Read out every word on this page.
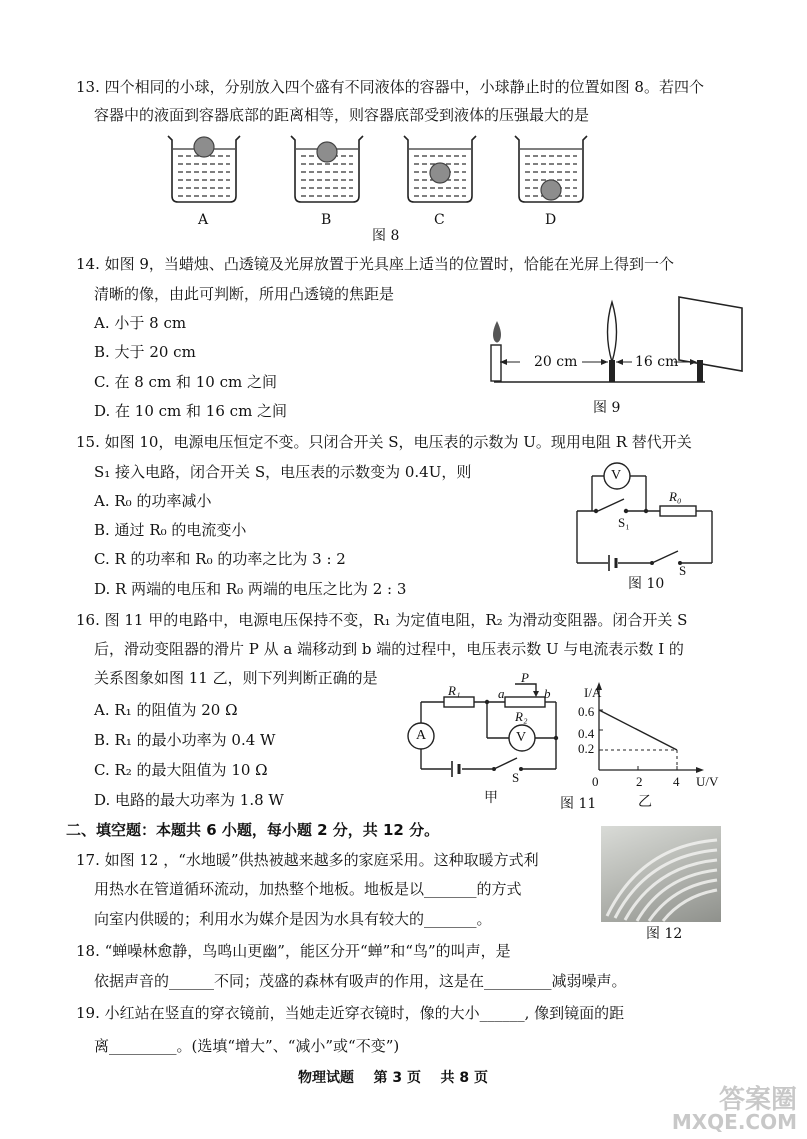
13. 四个相同的小球，分别放入四个盛有不同液体的容器中，小球静止时的位置如图 8。若四个
容器中的液面到容器底部的距离相等，则容器底部受到液体的压强最大的是
A	B	C	D
图 8
14. 如图 9，当蜡烛、凸透镜及光屏放置于光具座上适当的位置时，恰能在光屏上得到一个
清晰的像，由此可判断，所用凸透镜的焦距是
A. 小于 8 cm
B. 大于 20 cm
C. 在 8 cm 和 10 cm 之间
D. 在 10 cm 和 16 cm 之间
20 cm	16 cm
图 9
15. 如图 10，电源电压恒定不变。只闭合开关 S，电压表的示数为 U。现用电阻 R 替代开关
S₁ 接入电路，闭合开关 S，电压表的示数变为 0.4U，则
A. R₀ 的功率减小
B. 通过 R₀ 的电流变小
C. R 的功率和 R₀ 的功率之比为 3 : 2
D. R 两端的电压和 R₀ 两端的电压之比为 2 : 3
V
R₀
S₁
S
图 10
16. 图 11 甲的电路中，电源电压保持不变，R₁ 为定值电阻，R₂ 为滑动变阻器。闭合开关 S
后，滑动变阻器的滑片 P 从 a 端移动到 b 端的过程中，电压表示数 U 与电流表示数 I 的
关系图象如图 11 乙，则下列判断正确的是
A. R₁ 的阻值为 20 Ω
B. R₁ 的最小功率为 0.4 W
C. R₂ 的最大阻值为 10 Ω
D. 电路的最大功率为 1.8 W
R₁
P
a	b
R₂
A	V
S
甲	图 11
I/A
U/V
0
0.6
0.4
0.2
2 4
乙
二、填空题：本题共 6 小题，每小题 2 分，共 12 分。
17. 如图 12 ，“水地暖”供热被越来越多的家庭采用。这种取暖方式利
用热水在管道循环流动，加热整个地板。地板是以_______的方式
向室内供暖的；利用水为媒介是因为水具有较大的_______。
图 12
18. “蝉噪林愈静，鸟鸣山更幽”，能区分开“蝉”和“鸟”的叫声，是
依据声音的______不同；茂盛的森林有吸声的作用，这是在_________减弱噪声。
19. 小红站在竖直的穿衣镜前，当她走近穿衣镜时，像的大小______, 像到镜面的距
离_________。(选填“增大”、“减小”或“不变”)
物理试题    第 3 页    共 8 页
答案圈
MXQE.COM
